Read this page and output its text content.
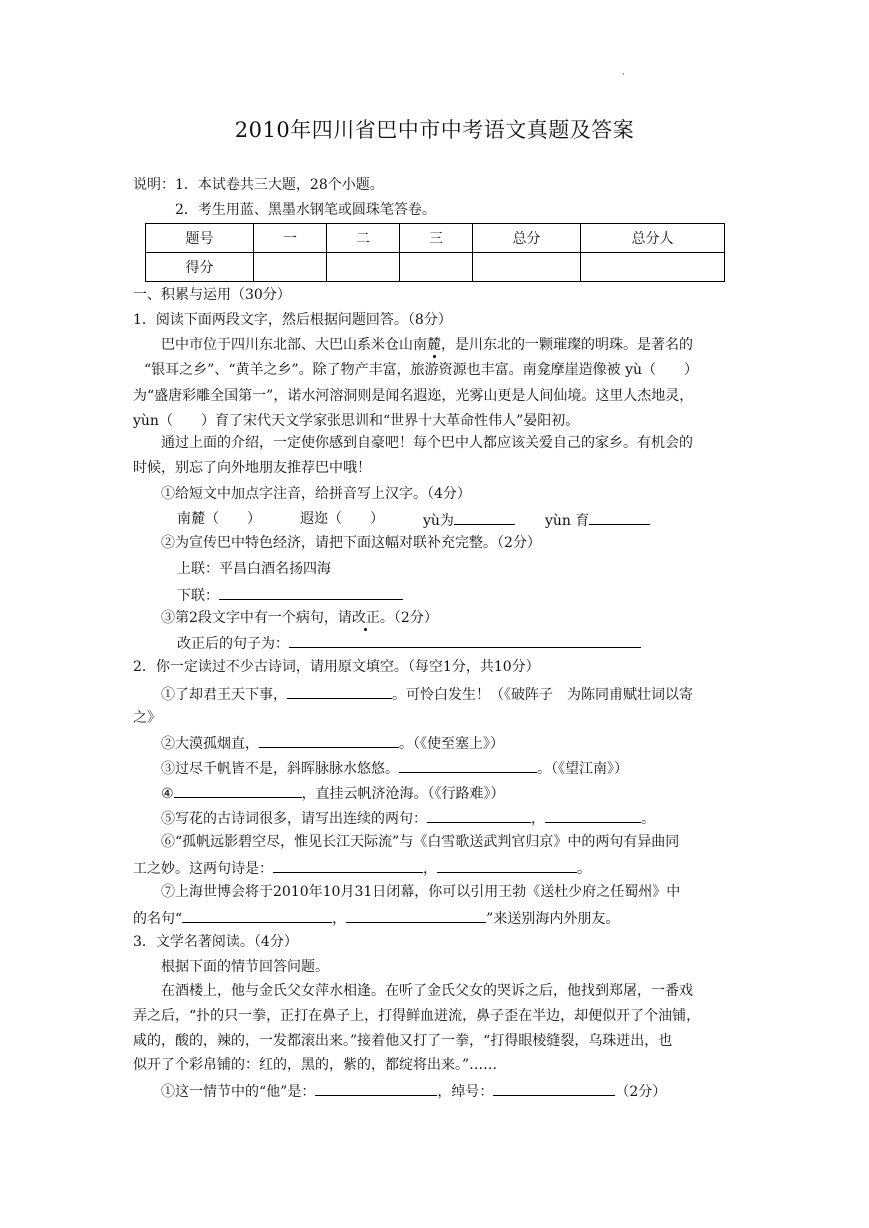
·
2010年四川省巴中市中考语文真题及答案
说明：1．本试卷共三大题，28个小题。
2．考生用蓝、黑墨水钢笔或圆珠笔答卷。
题号	一	二	三	总分	总分人
得分					
一、积累与运用（30分）
1．阅读下面两段文字，然后根据问题回答。（8分）
巴中市位于四川东北部、大巴山系米仓山南麓，是川东北的一颗璀璨的明珠。是著名的
“银耳之乡”、“黄羊之乡”。除了物产丰富，旅游资源也丰富。南龛摩崖造像被 yù（　　）
为“盛唐彩雕全国第一”，诺水河溶洞则是闻名遐迩，光雾山更是人间仙境。这里人杰地灵，
yùn（　　）育了宋代天文学家张思训和“世界十大革命性伟人”晏阳初。
通过上面的介绍，一定使你感到自豪吧！每个巴中人都应该关爱自己的家乡。有机会的
时候，别忘了向外地朋友推荐巴中哦！
①给短文中加点字注音，给拼音写上汉字。（4分）
南麓（　　）	遐迩（　　）	yù为	yùn 育
②为宣传巴中特色经济，请把下面这幅对联补充完整。（2分）
上联：平昌白酒名扬四海
下联：
③第2段文字中有一个病句，请改正。（2分）
改正后的句子为：
2．你一定读过不少古诗词，请用原文填空。（每空1分，共10分）
①了却君王天下事，	。可怜白发生！（《破阵子　为陈同甫赋壮词以寄
之》
②大漠孤烟直，	。（《使至塞上》）
③过尽千帆皆不是，斜晖脉脉水悠悠。	。（《望江南》）
④	，直挂云帆济沧海。（《行路难》）
⑤写花的古诗词很多，请写出连续的两句：	，	。
⑥“孤帆远影碧空尽，惟见长江天际流”与《白雪歌送武判官归京》中的两句有异曲同
工之妙。这两句诗是：	，	。
⑦上海世博会将于2010年10月31日闭幕，你可以引用王勃《送杜少府之任蜀州》中
的名句“	，	”来送别海内外朋友。
3．文学名著阅读。（4分）
根据下面的情节回答问题。
在酒楼上，他与金氏父女萍水相逢。在听了金氏父女的哭诉之后，他找到郑屠，一番戏
弄之后，“扑的只一拳，正打在鼻子上，打得鲜血迸流，鼻子歪在半边，却便似开了个油铺，
咸的，酸的，辣的，一发都滚出来。”接着他又打了一拳，“打得眼棱缝裂，乌珠迸出，也
似开了个彩帛铺的：红的，黑的，紫的，都绽将出来。”……
①这一情节中的“他”是：	，绰号：	（2分）
